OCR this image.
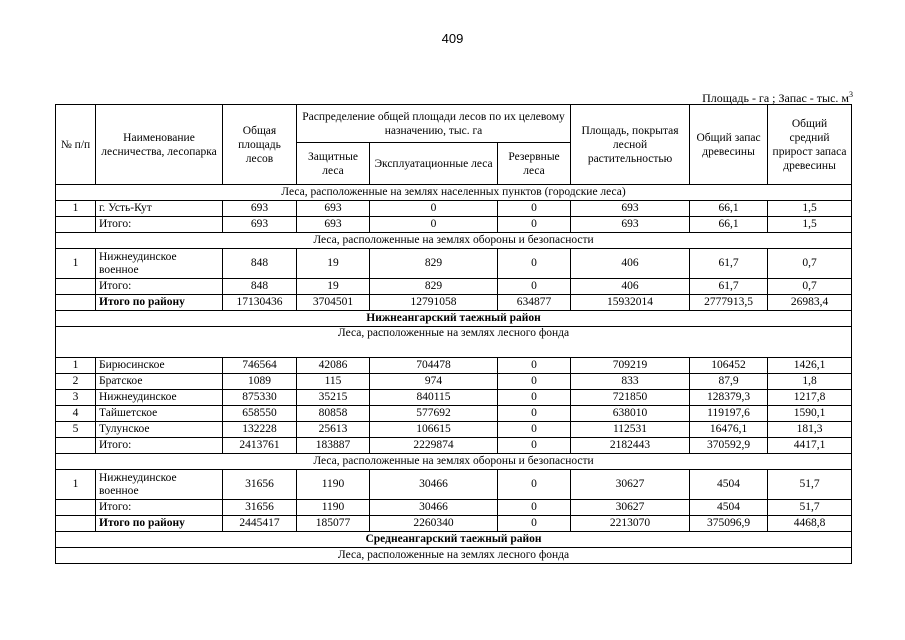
409
Площадь - га ; Запас - тыс. $м^3$
№ п/п	Наименование лесничества, лесопарка	Общая площадь лесов	Распределение общей площади лесов по их целевому назначению, тыс. га			Площадь, покрытая лесной растительностью	Общий запас древесины	Общий средний прирост запаса древесины
			Защитные леса	Эксплуатационные леса	Резервные леса			
Леса, расположенные на землях населенных пунктов (городские леса)								
1	г. Усть-Кут	693	693	0	0	693	66,1	1,5
	Итого:	693	693	0	0	693	66,1	1,5
Леса, расположенные на землях обороны и безопасности								
1	Нижнеудинское военное	848	19	829	0	406	61,7	0,7
	Итого:	848	19	829	0	406	61,7	0,7
	Итого по району	17130436	3704501	12791058	634877	15932014	2777913,5	26983,4
Нижнеангарский таежный район								
Леса, расположенные на землях лесного фонда								
1	Бирюсинское	746564	42086	704478	0	709219	106452	1426,1
2	Братское	1089	115	974	0	833	87,9	1,8
3	Нижнеудинское	875330	35215	840115	0	721850	128379,3	1217,8
4	Тайшетское	658550	80858	577692	0	638010	119197,6	1590,1
5	Тулунское	132228	25613	106615	0	112531	16476,1	181,3
	Итого:	2413761	183887	2229874	0	2182443	370592,9	4417,1
Леса, расположенные на землях обороны и безопасности								
1	Нижнеудинское военное	31656	1190	30466	0	30627	4504	51,7
	Итого:	31656	1190	30466	0	30627	4504	51,7
	Итого по району	2445417	185077	2260340	0	2213070	375096,9	4468,8
Среднеангарский таежный район								
Леса, расположенные на землях лесного фонда								
